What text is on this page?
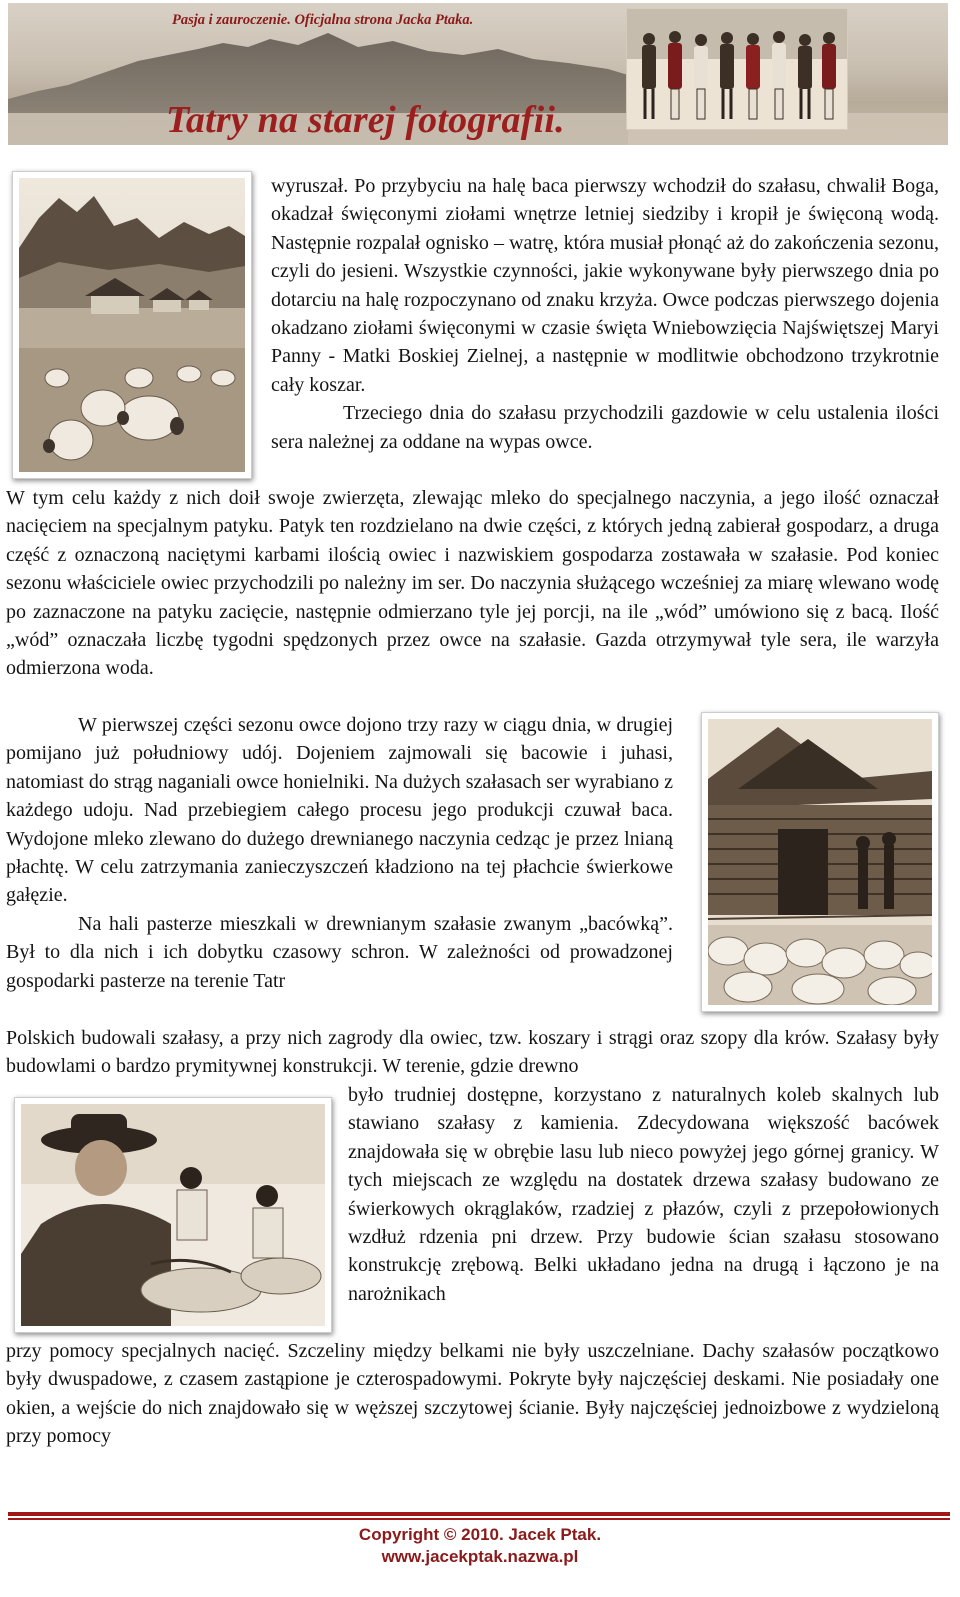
Pasja i zauroczenie. Oficjalna strona Jacka Ptaka.
Tatry na starej fotografii.

wyruszał. Po przybyciu na halę baca pierwszy wchodził do szałasu, chwalił Boga, okadzał święconymi ziołami wnętrze letniej siedziby i kropił je święconą wodą. Następnie rozpalał ognisko – watrę, która musiał płonąć aż do zakończenia sezonu, czyli do jesieni. Wszystkie czynności, jakie wykonywane były pierwszego dnia po dotarciu na halę rozpoczynano od znaku krzyża. Owce podczas pierwszego dojenia okadzano ziołami święconymi w czasie święta Wniebowzięcia Najświętszej Maryi Panny - Matki Boskiej Zielnej, a następnie w modlitwie obchodzono trzykrotnie cały koszar.

Trzeciego dnia do szałasu przychodzili gazdowie w celu ustalenia ilości sera należnej za oddane na wypas owce.

W tym celu każdy z nich doił swoje zwierzęta, zlewając mleko do specjalnego naczynia, a jego ilość oznaczał nacięciem na specjalnym patyku. Patyk ten rozdzielano na dwie części, z których jedną zabierał gospodarz, a druga część z oznaczoną naciętymi karbami ilością owiec i nazwiskiem gospodarza zostawała w szałasie. Pod koniec sezonu właściciele owiec przychodzili po należny im ser. Do naczynia służącego wcześniej za miarę wlewano wodę po zaznaczone na patyku zacięcie, następnie odmierzano tyle jej porcji, na ile „wód” umówiono się z bacą. Ilość „wód” oznaczała liczbę tygodni spędzonych przez owce na szałasie. Gazda otrzymywał tyle sera, ile warzyła odmierzona woda.

W pierwszej części sezonu owce dojono trzy razy w ciągu dnia, w drugiej pomijano już południowy udój. Dojeniem zajmowali się bacowie i juhasi, natomiast do strąg naganiali owce honielniki. Na dużych szałasach ser wyrabiano z każdego udoju. Nad przebiegiem całego procesu jego produkcji czuwał baca. Wydojone mleko zlewano do dużego drewnianego naczynia cedząc je przez lnianą płachtę. W celu zatrzymania zanieczyszczeń kładziono na tej płachcie świerkowe gałęzie.

Na hali pasterze mieszkali w drewnianym szałasie zwanym „bacówką”. Był to dla nich i ich dobytku czasowy schron. W zależności od prowadzonej gospodarki pasterze na terenie Tatr

Polskich budowali szałasy, a przy nich zagrody dla owiec, tzw. koszary i strągi oraz szopy dla krów. Szałasy były budowlami o bardzo prymitywnej konstrukcji. W terenie, gdzie drewno

było trudniej dostępne, korzystano z naturalnych koleb skalnych lub stawiano szałasy z kamienia. Zdecydowana większość bacówek znajdowała się w obrębie lasu lub nieco powyżej jego górnej granicy. W tych miejscach ze względu na dostatek drzewa szałasy budowano ze świerkowych okrąglaków, rzadziej z płazów, czyli z przepołowionych wzdłuż rdzenia pni drzew. Przy budowie ścian szałasu stosowano konstrukcję zrębową. Belki układano jedna na drugą i łączono je na narożnikach

przy pomocy specjalnych nacięć. Szczeliny między belkami nie były uszczelniane. Dachy szałasów początkowo były dwuspadowe, z czasem zastąpione je czterospadowymi. Pokryte były najczęściej deskami. Nie posiadały one okien, a wejście do nich znajdowało się w węższej szczytowej ścianie. Były najczęściej jednoizbowe z wydzieloną przy pomocy

Copyright © 2010. Jacek Ptak.
www.jacekptak.nazwa.pl
